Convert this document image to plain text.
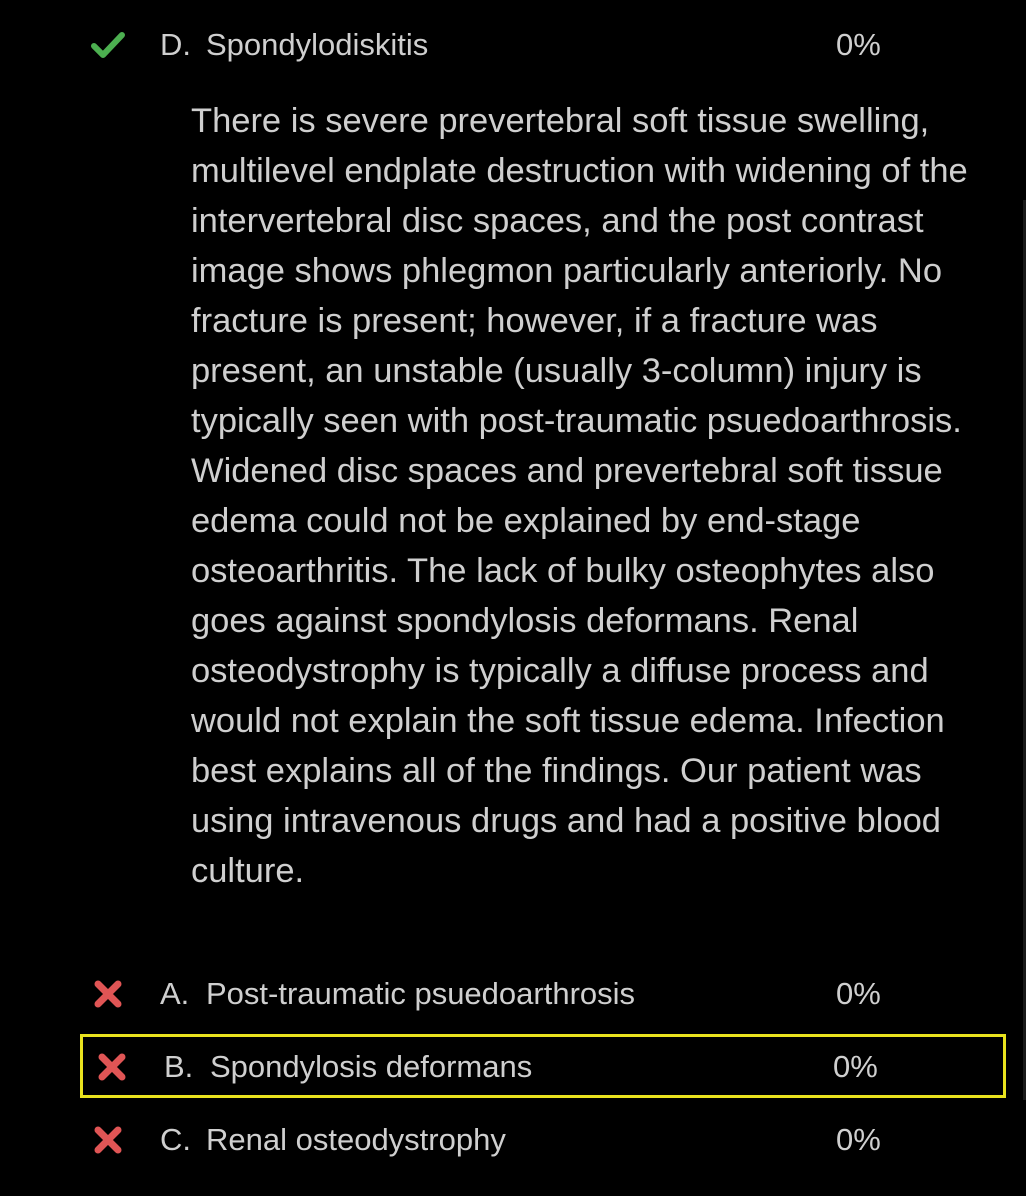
D. Spondylodiskitis	0%

There is severe prevertebral soft tissue swelling, multilevel endplate destruction with widening of the intervertebral disc spaces, and the post contrast image shows phlegmon particularly anteriorly. No fracture is present; however, if a fracture was present, an unstable (usually 3-column) injury is typically seen with post-traumatic psuedoarthrosis. Widened disc spaces and prevertebral soft tissue edema could not be explained by end-stage osteoarthritis. The lack of bulky osteophytes also goes against spondylosis deformans. Renal osteodystrophy is typically a diffuse process and would not explain the soft tissue edema. Infection best explains all of the findings. Our patient was using intravenous drugs and had a positive blood culture.

A. Post-traumatic psuedoarthrosis	0%
B. Spondylosis deformans	0%
C. Renal osteodystrophy	0%
